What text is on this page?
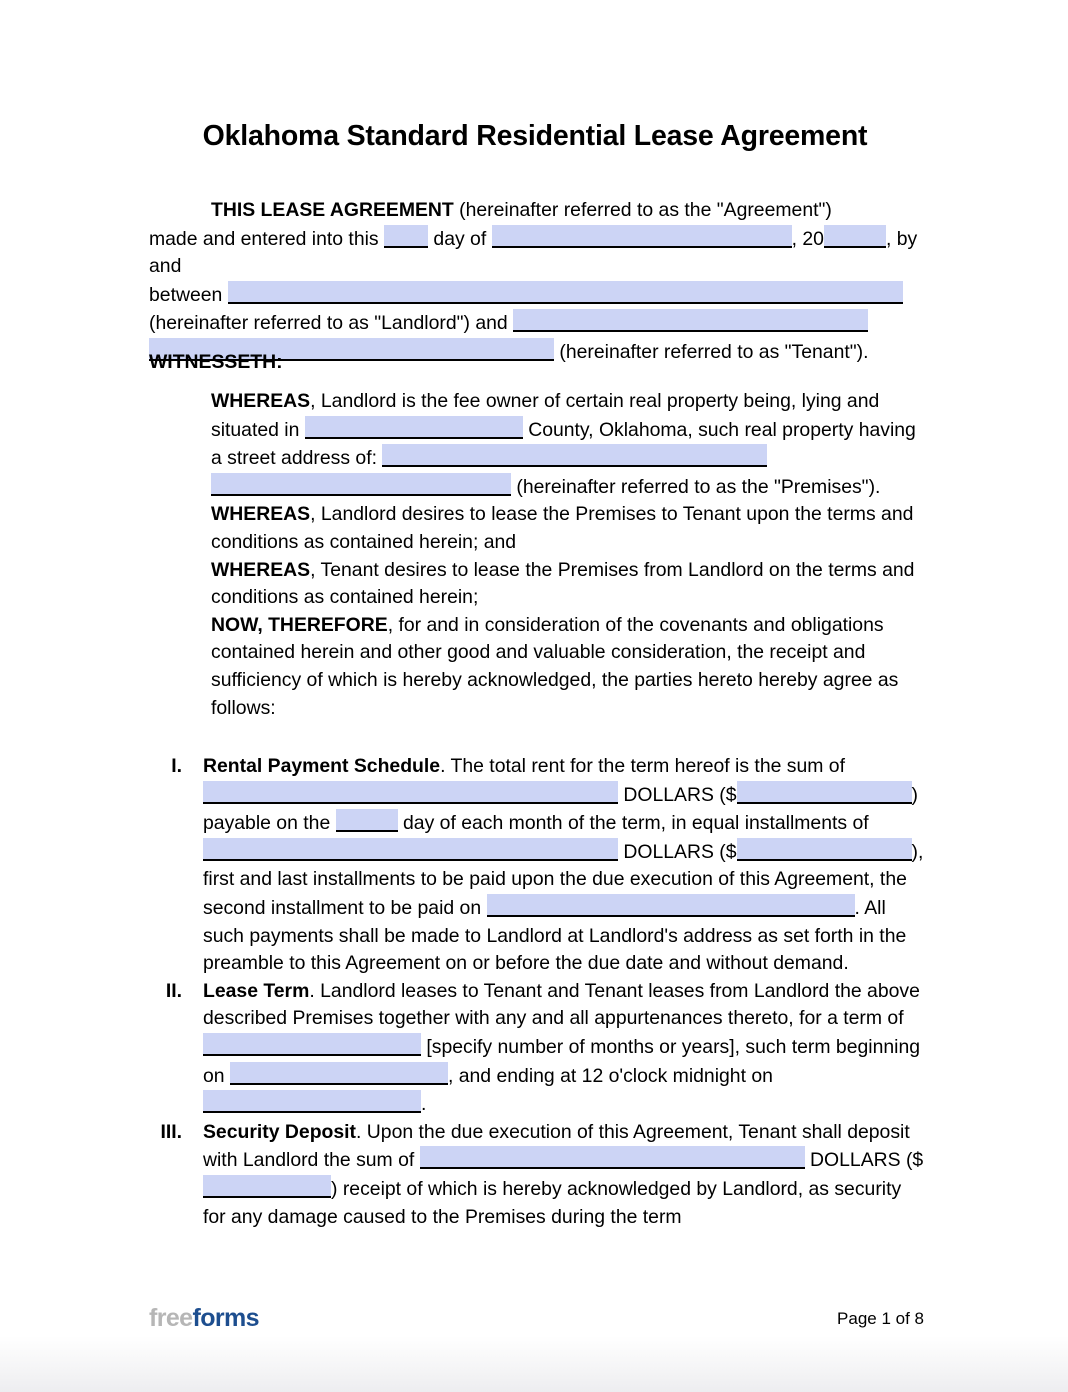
Oklahoma Standard Residential Lease Agreement
THIS LEASE AGREEMENT (hereinafter referred to as the "Agreement")
made and entered into this	day of	, 20	, by and
between
(hereinafter referred to as "Landlord") and
(hereinafter referred to as "Tenant").
WITNESSETH:
WHEREAS, Landlord is the fee owner of certain real property being, lying and situated in	County, Oklahoma, such real property having a street address of:   (hereinafter referred to as the "Premises").
WHEREAS, Landlord desires to lease the Premises to Tenant upon the terms and conditions as contained herein; and
WHEREAS, Tenant desires to lease the Premises from Landlord on the terms and conditions as contained herein;
NOW, THEREFORE, for and in consideration of the covenants and obligations contained herein and other good and valuable consideration, the receipt and sufficiency of which is hereby acknowledged, the parties hereto hereby agree as follows:
I.	Rental Payment Schedule. The total rent for the term hereof is the sum of  DOLLARS ($	) payable on the	day of each month of the term, in equal installments of  DOLLARS ($	), first and last installments to be paid upon the due execution of this Agreement, the second installment to be paid on	. All such payments shall be made to Landlord at Landlord's address as set forth in the preamble to this Agreement on or before the due date and without demand.
II.	Lease Term. Landlord leases to Tenant and Tenant leases from Landlord the above described Premises together with any and all appurtenances thereto, for a term of  [specify number of months or years], such term beginning on	, and ending at 12 o'clock midnight on .
III.	Security Deposit. Upon the due execution of this Agreement, Tenant shall deposit with Landlord the sum of	DOLLARS ($) receipt of which is hereby acknowledged by Landlord, as security for any damage caused to the Premises during the term
freeforms	Page 1 of 8
